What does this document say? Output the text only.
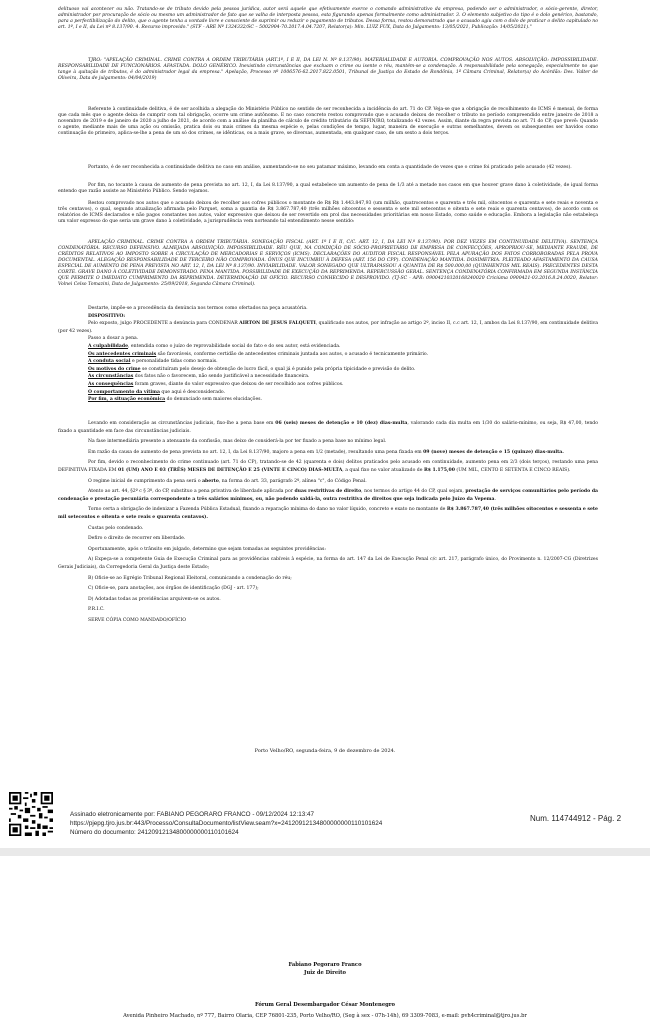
delituoso vai acontecer ou não. Tratando-se de tributo devido pela pessoa jurídica, autor será aquele que efetivamente exerce o comando administrativo da empresa, podendo ser o administrador, o sócio-gerente, diretor, administrador por procuração de sócio ou mesmo um administrador de fato que se valha de interposta pessoa, esta figurando apenas formalmente como administrador. 3. O elemento subjetivo do tipo é o dolo genérico, bastando, para a perfectibilização do delito, que o agente tenha a vontade livre e consciente de suprimir ou reduzir o pagamento de tributos. Dessa forma, restou demonstrado que o acusado agiu com o dolo de praticar o delito capitulado no art. 1º, I e II, da Lei nº 8.137/90. 4. Recurso improvido." (STF - ARE Nº 1324332/SC – 5002904-70.2017.4.04.7207, Relator(a): Min. LUIZ FUX, Data do Julgamento: 13/05/2021, Publicação: 14/05/2021)."

TJRO: "APELAÇÃO CRIMINAL. CRIME CONTRA A ORDEM TRIBUTÁRIA (ART.1º, I E II, DA LEI N. Nº 8.137/90). MATERIALIDADE E AUTORIA. COMPROVAÇÃO NOS AUTOS. ABSOLVIÇÃO: IMPOSSIBILIDADE. RESPONSABILIDADE DE FUNCIONÁRIOS. AFASTADA. DOLO GENÉRICO. Inexistindo circunstâncias que excluam o crime ou isente o réu, mantém-se a condenação. A responsabilidade pela sonegação, especialmente no que tange à quitação de tributos, é do administrador legal da empresa." Apelação, Processo nº 1006576-62.2017.822.0501, Tribunal de Justiça do Estado de Rondônia, 1ª Câmara Criminal, Relator(a) do Acórdão: Des. Valter de Oliveira, Data de julgamento: 04/04/2019)

Referente à continuidade delitiva, é de ser acolhida a alegação do Ministério Público no sentido de ser reconhecida a incidência do art. 71 do CP. Veja-se que a obrigação de recolhimento do ICMS é mensal, de forma que cada mês que o agente deixa de cumprir com tal obrigação, ocorre um crime autônomo. E no caso concreto restou comprovado que o acusado deixou de recolher o tributo no período compreendido entre janeiro de 2018 a novembro de 2019 e de janeiro de 2020 a julho de 2021, de acordo com a análise da planilha de cálculo de crédito tributário da SEFIN/RO, totalizando 42 vezes. Assim, diante da regra prevista no art. 71 do CP, que prevê: Quando o agente, mediante mais de uma ação ou omissão, pratica dois ou mais crimes da mesma espécie e, pelas condições de tempo, lugar, maneira de execução e outras semelhantes, devem os subsequentes ser havidos como continuação do primeiro, aplica-se-lhe a pena de um só dos crimes, se idênticas, ou a mais grave, se diversas, aumentada, em qualquer caso, de um sexto a dois terços.

Portanto, é de ser reconhecida a continuidade delitiva no caso em análise, aumentando-se no seu patamar máximo, levando em conta a quantidade de vezes que o crime foi praticado pelo acusado (42 vezes).

Por fim, no tocante à causa de aumento de pena prevista no art. 12, I, da Lei 8.137/90, a qual estabelece um aumento de pena de 1/3 até a metade nos casos em que houver grave dano à coletividade, de igual forma entendo que razão assiste ao Ministério Público. Sendo vejamos.

Restou comprovado nos autos que o acusado deixou de recolher aos cofres públicos o montante de R$ R$ 1.443.847,93 (um milhão, quatrocentos e quarenta e três mil, oitocentos e quarenta e sete reais e noventa e três centavos), o qual, segundo atualização afirmada pelo Parquet, soma a quantia de R$ 3.867.787,40 (três milhões oitocentos e sessenta e sete mil setecentos e oitenta e sete reais e quarenta centavos), de acordo com os relatórios de ICMS declarados e não pagos constantes nos autos, valor expressivo que deixou de ser revertido em prol das necessidades prioritárias em nosso Estado, como saúde e educação. Embora a legislação não estabeleça um valor expresso do que seria um grave dano à coletividade, a jurisprudência vem norteando tal entendimento nesse sentido:

APELAÇÃO CRIMINAL. CRIME CONTRA A ORDEM TRIBUTÁRIA. SONEGAÇÃO FISCAL (ART. 1º I E II, C/C. ART. 12, I, DA LEI N.º 8.137/90). POR DEZ VEZES EM CONTINUIDADE DELITIVA). SENTENÇA CONDENATÓRIA. RECURSO DEFENSIVO. ALMEJADA ABSOLVIÇÃO. IMPOSSIBILIDADE. RÉU QUE, NA CONDIÇÃO DE SÓCIO-PROPRIETÁRIO DE EMPRESA DE CONFECÇÕES, APROPRIOU-SE, MEDIANTE FRAUDE, DE CRÉDITOS RELATIVOS AO IMPOSTO SOBRE A CIRCULAÇÃO DE MERCADORIAS E SERVIÇOS (ICMS). DECLARAÇÕES DO AUDITOR FISCAL RESPONSÁVEL PELA APURAÇÃO DOS FATOS CORROBORADAS PELA PROVA DOCUMENTAL. ALEGAÇÃO RESPONSABILIDADE DE TERCEIRO NÃO COMPROVADA. ÔNUS QUE INCUMBIU À DEFESA (ART. 156 DO CPP). CONDENAÇÃO MANTIDA. DOSIMETRIA. PLEITEADO AFASTAMENTO DA CAUSA ESPECIAL DE AUMENTO DE PENA PREVISTA NO ART. 12, I, DA LEI Nº 8.137/90. INVIABILIDADE. VALOR SONEGADO QUE ULTRAPASSOU A QUANTIA DE R$ 500.000,00 (QUINHENTOS MIL REAIS). PRECEDENTES DESTA CORTE. GRAVE DANO À COLETIVIDADE DEMONSTRADO. PENA MANTIDA. POSSIBILIDADE DE EXECUÇÃO DA REPRIMENDA. REPERCUSSÃO GERAL. SENTENÇA CONDENATÓRIA CONFIRMADA EM SEGUNDA INSTÂNCIA QUE PERMITE O IMEDIATO CUMPRIMENTO DA REPRIMENDA. DETERMINAÇÃO DE OFÍCIO. RECURSO CONHECIDO E DESPROVIDO. (TJ-SC - APR: 09004210320168240020 Criciúma 0900421-03.2016.8.24.0020, Relator: Volnei Celso Tomazini, Data de Julgamento: 25/09/2018, Segunda Câmara Criminal).

Destarte, impõe-se a procedência da denúncia nos termos como ofertados na peça acusatória.

DISPOSITIVO:

Pelo exposto, julgo PROCEDENTE a denúncia para CONDENAR AIRTON DE JESUS FALQUETI, qualificado nos autos, por infração ao artigo 2º, inciso II, c.c art. 12, I, ambos da Lei 8.137/90, em continuidade delitiva (por 42 vezes).

Passo a dosar a pena.

A culpabilidade, entendida como o juízo de reprovabilidade social do fato e do seu autor, está evidenciada.

Os antecedentes criminais são favoráveis, conforme certidão de antecedentes criminais juntada aos autos, o acusado é tecnicamente primário.

A conduta social e personalidade tidas como normais.

Os motivos do crime se constituíram pelo desejo de obtenção de lucro fácil, o qual já é punido pela própria tipicidade e previsão do delito.

As circunstâncias dos fatos não o favorecem, não sendo justificável a necessidade financeira.

As consequências foram graves, diante do valor expressivo que deixou de ser recolhido aos cofres públicos.

O comportamento da vítima que aqui é desconsiderado.

Por fim, a situação econômica do denunciado sem maiores elucidações.

Levando em consideração as circunstâncias judiciais, fixo-lhe a pena base em 06 (seis) meses de detenção e 10 (dez) dias-multa, valorando cada dia multa em 1/30 do salário-mínimo, ou seja, R$ 47,00, tendo fixado a quantidade em face das circunstâncias judiciais.

Na fase intermediária presente a atenuante da confissão, mas deixo de considerá-la por ter fixado a pena base no mínimo legal.

Em razão da causa de aumento de pena prevista no art. 12, I, da Lei 8.137/90, majoro a pena em 1/2 (metade), resultando uma pena fixada em 09 (nove) meses de detenção e 15 (quinze) dias-multa.

Por fim, devido o reconhecimento do crime continuado (art. 71 do CP), tratando-se de 42 (quarenta e dois) delitos praticados pelo acusado em continuidade, aumento pena em 2/3 (dois terços), restando uma pena DEFINITIVA FIXADA EM 01 (UM) ANO E 03 (TRÊS) MESES DE DETENÇÃO E 25 (VINTE E CINCO) DIAS-MULTA, a qual fixo no valor atualizado de R$ 1.175,00 (UM MIL, CENTO E SETENTA E CINCO REAIS).

O regime inicial de cumprimento da pena será o aberto, na forma do art. 33, parágrafo 2º, alínea "c", do Código Penal.

Atento ao art. 44, §2º c § 3º, do CP, substituo a pena privativa de liberdade aplicada por duas restritivas de direito, nos termos do artigo 44 do CP, qual sejam, prestação de serviços comunitários pelo período da condenação e prestação pecuniária correspondente a três salários mínimos, ou, não podendo saldá-la, outra restritiva de direitos que seja indicada pelo Juízo da Vepema.

Torno certa a obrigação de indenizar a Fazenda Pública Estadual, fixando a reparação mínima do dano no valor líquido, concreto e exato no montante de R$ 3.867.787,40 (três milhões oitocentos e sessenta e sete mil setecentos e oitenta e sete reais e quarenta centavos).

Custas pelo condenado.

Defiro o direito de recorrer em liberdade.

Oportunamente, após o trânsito em julgado, determino que sejam tomadas as seguintes providências:

A) Expeça-se a competente Guia de Execução Criminal para as providências cabíveis à espécie, na forma do art. 147 da Lei de Execução Penal c/c art. 217, parágrafo único, do Provimento n. 12/2007-CG (Diretrizes Gerais Judiciais), da Corregedoria Geral da Justiça deste Estado;

B) Oficie-se ao Egrégio Tribunal Regional Eleitoral, comunicando a condenação do réu;

C) Oficie-se, para anotações, aos órgãos de identificação (DGJ - art. 177);

D) Adotadas todas as providências arquivem-se os autos.

P.R.I.C.

SERVE CÓPIA COMO MANDADO/OFÍCIO

Porto Velho/RO, segunda-feira, 9 de dezembro de 2024.
Assinado eletronicamente por: FABIANO PEGORARO FRANCO - 09/12/2024 12:13:47
https://pjepg.tjro.jus.br:443/Processo/ConsultaDocumento/listView.seam?x=24120912134800000000110101624
Número do documento: 24120912134800000000110101624
Num. 114744912 - Pág. 2
Fabiano Pegoraro Franco
Juiz de Direito
Fórum Geral Desembargador César Montenegro
Avenida Pinheiro Machado, nº 777, Bairro Olaria, CEP 76801-235, Porto Velho/RO, (Seg à sex - 07h-14h), 69 3309-7083, e-mail: pvh4criminal@tjro.jus.br
